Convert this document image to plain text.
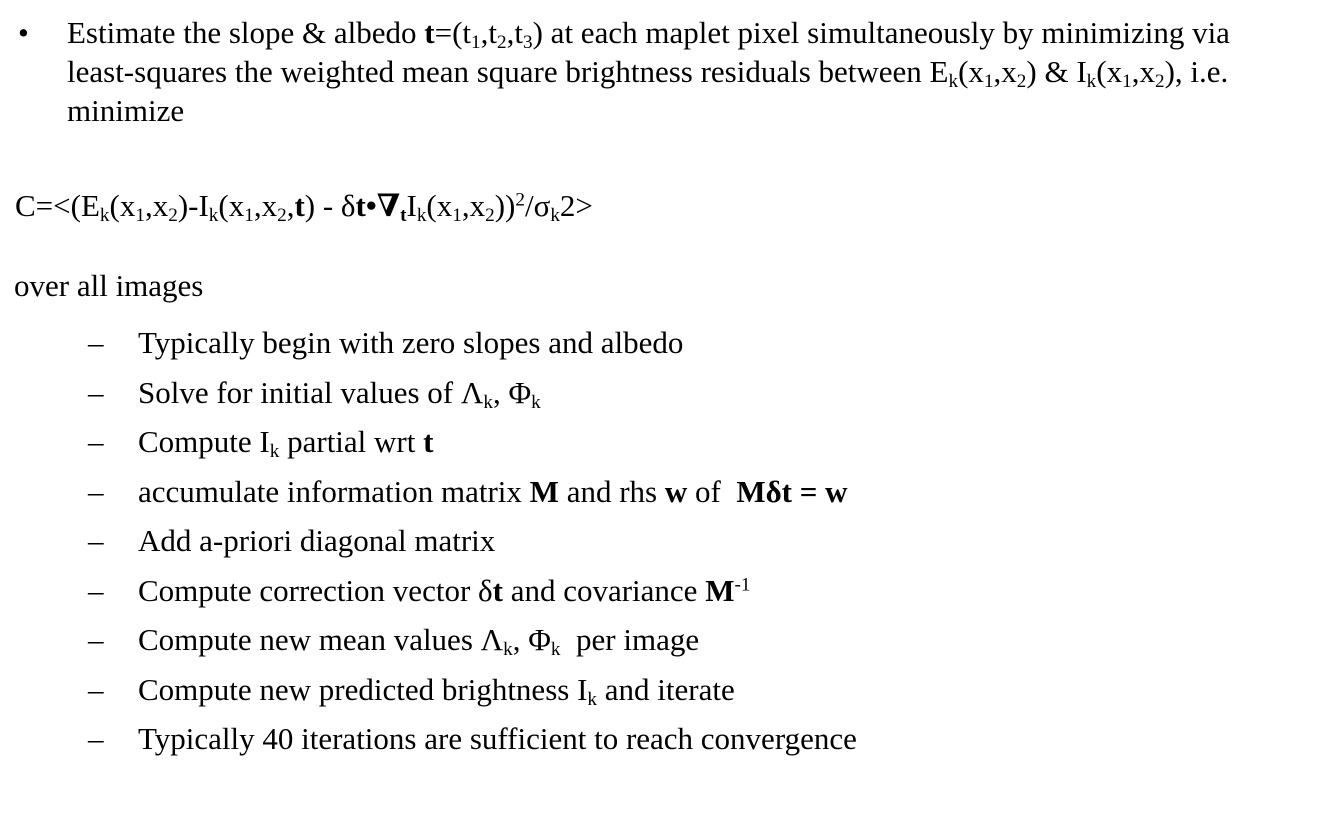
•	Estimate the slope & albedo t=(t1,t2,t3) at each maplet pixel simultaneously by minimizing via least-squares the weighted mean square brightness residuals between Ek(x1,x2) & Ik(x1,x2), i.e. minimize
C=<(Ek(x1,x2)-Ik(x1,x2,t) - δt•∇tIk(x1,x2))$^2$/σk2>
over all images
–	Typically begin with zero slopes and albedo
–	Solve for initial values of Λk, Φk
–	Compute Ik partial wrt t
–	accumulate information matrix M and rhs w of  Mδt = w
–	Add a-priori diagonal matrix
–	Compute correction vector δt and covariance $M^{-1}$
–	Compute new mean values Λk, Φk  per image
–	Compute new predicted brightness Ik and iterate
–	Typically 40 iterations are sufficient to reach convergence
